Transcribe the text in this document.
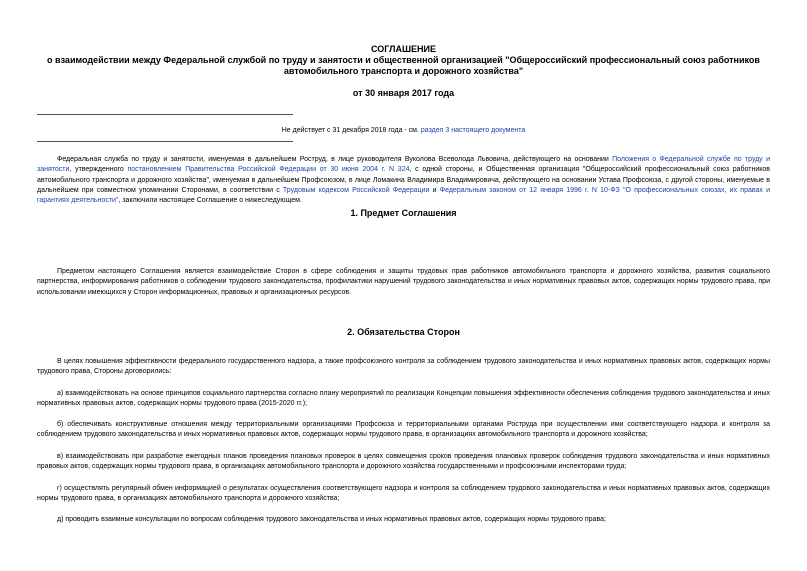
СОГЛАШЕНИЕ
о взаимодействии между Федеральной службой по труду и занятости и общественной организацией "Общероссийский профессиональный союз работников автомобильного транспорта и дорожного хозяйства"
от 30 января 2017 года
Не действует с 31 декабря 2018 года - см. раздел 3 настоящего документа
Федеральная служба по труду и занятости, именуемая в дальнейшем Роструд, в лице руководителя Вуколова Всеволода Львовича, действующего на основании Положения о Федеральной службе по труду и занятости, утвержденного постановлением Правительства Российской Федерации от 30 июня 2004 г. N 324, с одной стороны, и Общественная организация "Общероссийский профессиональный союз работников автомобильного транспорта и дорожного хозяйства", именуемая в дальнейшем Профсоюзом, в лице Ломакина Владимира Владимировича, действующего на основании Устава Профсоюза, с другой стороны, именуемые в дальнейшем при совместном упоминании Сторонами, в соответствии с Трудовым кодексом Российской Федерации и Федеральным законом от 12 января 1996 г. N 10-ФЗ "О профессиональных союзах, их правах и гарантиях деятельности", заключили настоящее Соглашение о нижеследующем.
1. Предмет Соглашения
Предметом настоящего Соглашения является взаимодействие Сторон в сфере соблюдения и защиты трудовых прав работников автомобильного транспорта и дорожного хозяйства, развития социального партнерства, информирования работников о соблюдении трудового законодательства, профилактики нарушений трудового законодательства и иных нормативных правовых актов, содержащих нормы трудового права, при использовании имеющихся у Сторон информационных, правовых и организационных ресурсов.
2. Обязательства Сторон
В целях повышения эффективности федерального государственного надзора, а также профсоюзного контроля за соблюдением трудового законодательства и иных нормативных правовых актов, содержащих нормы трудового права, Стороны договорились:
а) взаимодействовать на основе принципов социального партнерства согласно плану мероприятий по реализации Концепции повышения эффективности обеспечения соблюдения трудового законодательства и иных нормативных правовых актов, содержащих нормы трудового права (2015-2020 гг.);
б) обеспечивать конструктивные отношения между территориальными организациями Профсоюза и территориальными органами Роструда при осуществлении ими соответствующего надзора и контроля за соблюдением трудового законодательства и иных нормативных правовых актов, содержащих нормы трудового права, в организациях автомобильного транспорта и дорожного хозяйства;
в) взаимодействовать при разработке ежегодных планов проведения плановых проверок в целях совмещения сроков проведения плановых проверок соблюдения трудового законодательства и иных нормативных правовых актов, содержащих нормы трудового права, в организациях автомобильного транспорта и дорожного хозяйства государственными и профсоюзными инспекторами труда;
г) осуществлять регулярный обмен информацией о результатах осуществления соответствующего надзора и контроля за соблюдением трудового законодательства и иных нормативных правовых актов, содержащих нормы трудового права, в организациях автомобильного транспорта и дорожного хозяйства;
д) проводить взаимные консультации по вопросам соблюдения трудового законодательства и иных нормативных правовых актов, содержащих нормы трудового права;
